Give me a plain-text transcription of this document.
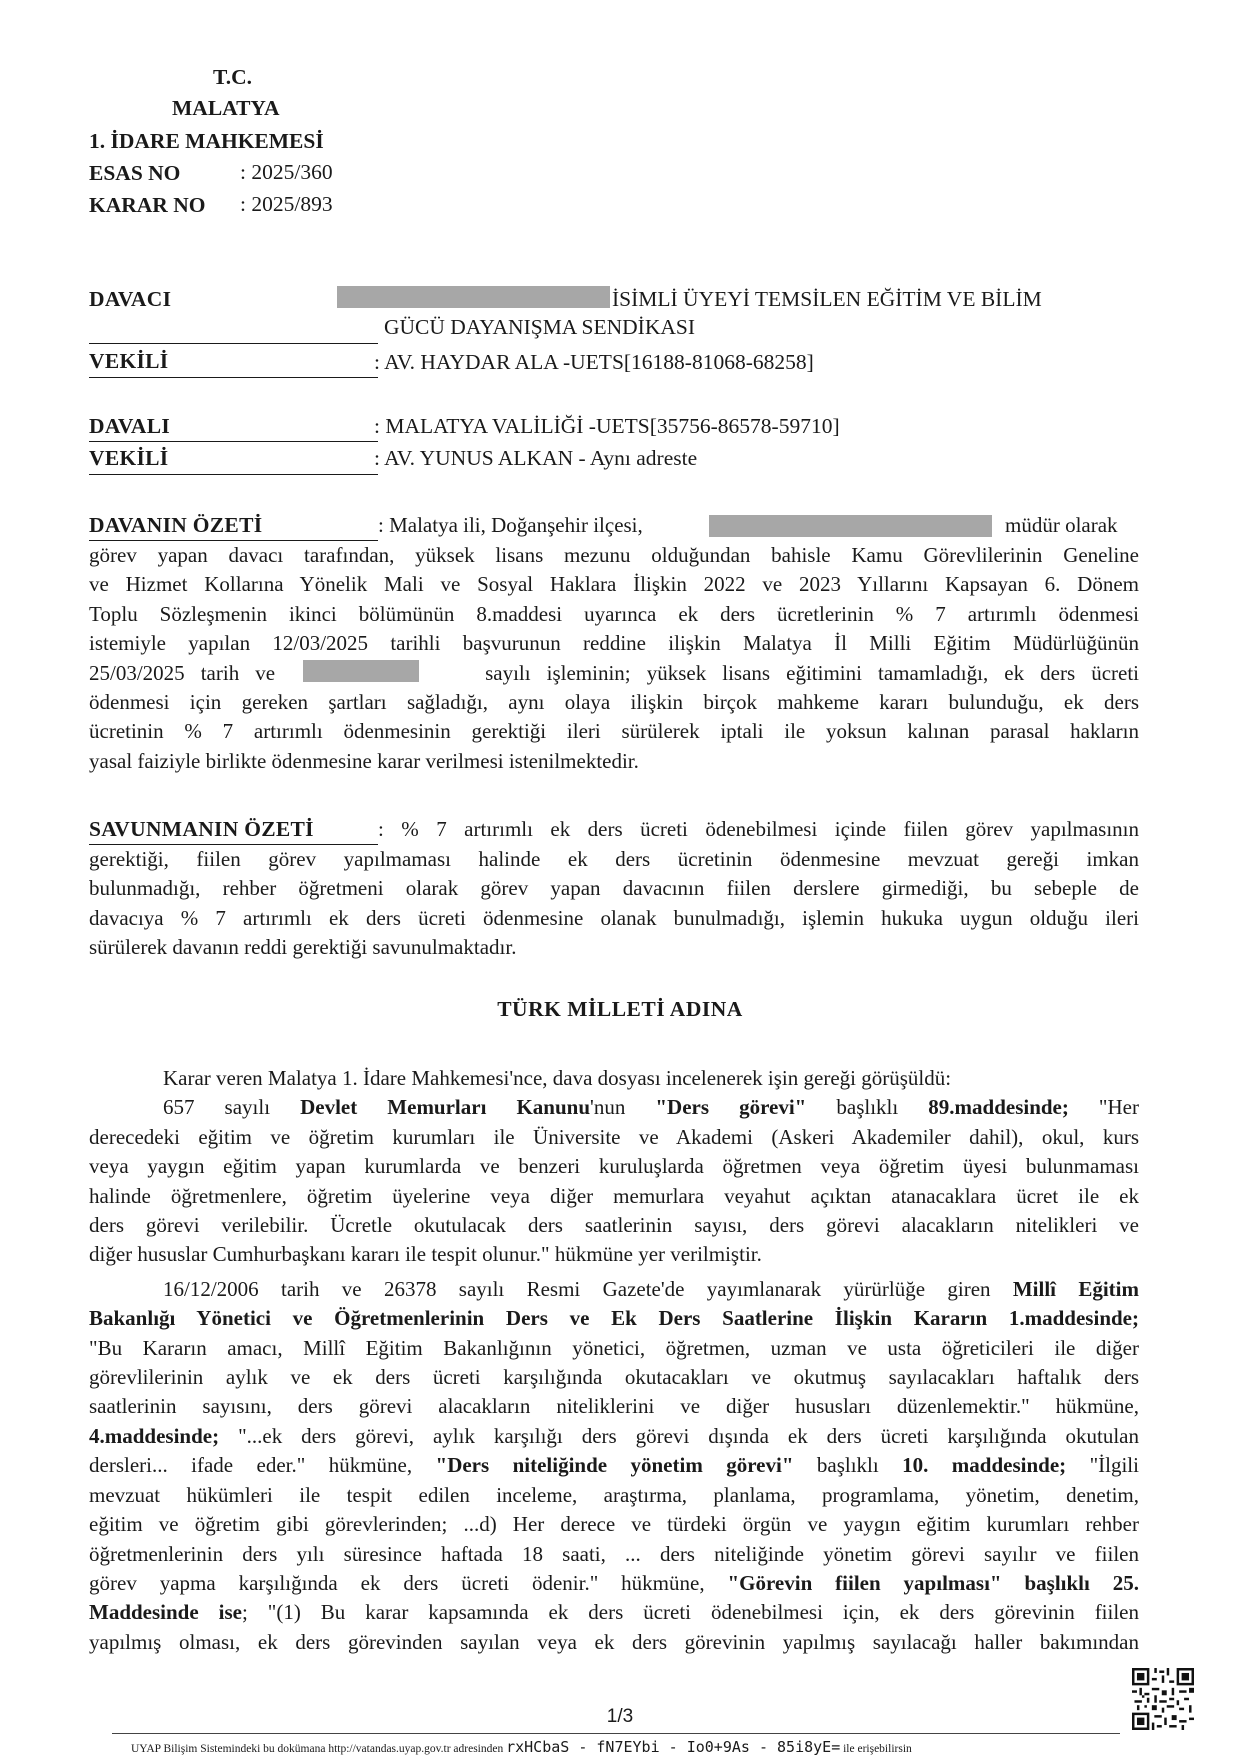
T.C.
MALATYA
1. İDARE MAHKEMESİ
ESAS NO	: 2025/360
KARAR NO : 2025/893
DAVACI	İSİMLİ ÜYEYİ TEMSİLEN EĞİTİM VE BİLİM
GÜCÜ DAYANIŞMA SENDİKASI
VEKİLİ	: AV. HAYDAR ALA -UETS[16188-81068-68258]
DAVALI	: MALATYA VALİLİĞİ -UETS[35756-86578-59710]
VEKİLİ	: AV. YUNUS ALKAN - Aynı adreste
DAVANIN ÖZETİ	: Malatya ili, Doğanşehir ilçesi,	müdür olarak
görev yapan davacı tarafından, yüksek lisans mezunu olduğundan bahisle Kamu Görevlilerinin Geneline
ve Hizmet Kollarına Yönelik Mali ve Sosyal Haklara İlişkin 2022 ve 2023 Yıllarını Kapsayan 6. Dönem
Toplu Sözleşmenin ikinci bölümünün 8.maddesi uyarınca ek ders ücretlerinin % 7 artırımlı ödenmesi
istemiyle yapılan 12/03/2025 tarihli başvurunun reddine ilişkin Malatya İl Milli Eğitim Müdürlüğünün
25/03/2025 tarih ve	sayılı işleminin; yüksek lisans eğitimini tamamladığı, ek ders ücreti
ödenmesi için gereken şartları sağladığı, aynı olaya ilişkin birçok mahkeme kararı bulunduğu, ek ders
ücretinin % 7 artırımlı ödenmesinin gerektiği ileri sürülerek iptali ile yoksun kalınan parasal hakların
yasal faiziyle birlikte ödenmesine karar verilmesi istenilmektedir.
SAVUNMANIN ÖZETİ	: % 7 artırımlı ek ders ücreti ödenebilmesi içinde fiilen görev yapılmasının
gerektiği, fiilen görev yapılmaması halinde ek ders ücretinin ödenmesine mevzuat gereği imkan
bulunmadığı, rehber öğretmeni olarak görev yapan davacının fiilen derslere girmediği, bu sebeple de
davacıya % 7 artırımlı ek ders ücreti ödenmesine olanak bunulmadığı, işlemin hukuka uygun olduğu ileri
sürülerek davanın reddi gerektiği savunulmaktadır.
TÜRK MİLLETİ ADINA
Karar veren Malatya 1. İdare Mahkemesi'nce, dava dosyası incelenerek işin gereği görüşüldü:
657 sayılı Devlet Memurları Kanunu'nun "Ders görevi" başlıklı 89.maddesinde; "Her
derecedeki eğitim ve öğretim kurumları ile Üniversite ve Akademi (Askeri Akademiler dahil), okul, kurs
veya yaygın eğitim yapan kurumlarda ve benzeri kuruluşlarda öğretmen veya öğretim üyesi bulunmaması
halinde öğretmenlere, öğretim üyelerine veya diğer memurlara veyahut açıktan atanacaklara ücret ile ek
ders görevi verilebilir. Ücretle okutulacak ders saatlerinin sayısı, ders görevi alacakların nitelikleri ve
diğer hususlar Cumhurbaşkanı kararı ile tespit olunur." hükmüne yer verilmiştir.
16/12/2006 tarih ve 26378 sayılı Resmi Gazete'de yayımlanarak yürürlüğe giren Millî Eğitim
Bakanlığı Yönetici ve Öğretmenlerinin Ders ve Ek Ders Saatlerine İlişkin Kararın 1.maddesinde;
"Bu Kararın amacı, Millî Eğitim Bakanlığının yönetici, öğretmen, uzman ve usta öğreticileri ile diğer
görevlilerinin aylık ve ek ders ücreti karşılığında okutacakları ve okutmuş sayılacakları haftalık ders
saatlerinin sayısını, ders görevi alacakların niteliklerini ve diğer hususları düzenlemektir." hükmüne,
4.maddesinde; "...ek ders görevi, aylık karşılığı ders görevi dışında ek ders ücreti karşılığında okutulan
dersleri... ifade eder." hükmüne, "Ders niteliğinde yönetim görevi" başlıklı 10. maddesinde; "İlgili
mevzuat hükümleri ile tespit edilen inceleme, araştırma, planlama, programlama, yönetim, denetim,
eğitim ve öğretim gibi görevlerinden; ...d) Her derece ve türdeki örgün ve yaygın eğitim kurumları rehber
öğretmenlerinin ders yılı süresince haftada 18 saati, ... ders niteliğinde yönetim görevi sayılır ve fiilen
görev yapma karşılığında ek ders ücreti ödenir." hükmüne, "Görevin fiilen yapılması" başlıklı 25.
Maddesinde ise; "(1) Bu karar kapsamında ek ders ücreti ödenebilmesi için, ek ders görevinin fiilen
yapılmış olması, ek ders görevinden sayılan veya ek ders görevinin yapılmış sayılacağı haller bakımından
1/3
UYAP Bilişim Sistemindeki bu dokümana http://vatandas.uyap.gov.tr adresinden rxHCbaS - fN7EYbi - Io0+9As - 85i8yE= ile erişebilirsin
